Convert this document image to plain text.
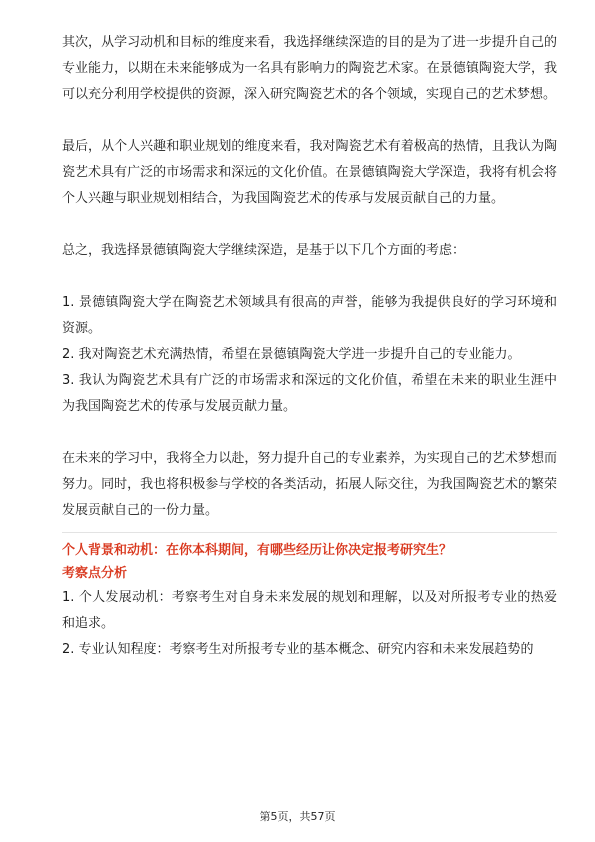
其次，从学习动机和目标的维度来看，我选择继续深造的目的是为了进一步提升自己的专业能力，以期在未来能够成为一名具有影响力的陶瓷艺术家。在景德镇陶瓷大学，我可以充分利用学校提供的资源，深入研究陶瓷艺术的各个领域，实现自己的艺术梦想。

最后，从个人兴趣和职业规划的维度来看，我对陶瓷艺术有着极高的热情，且我认为陶瓷艺术具有广泛的市场需求和深远的文化价值。在景德镇陶瓷大学深造，我将有机会将个人兴趣与职业规划相结合，为我国陶瓷艺术的传承与发展贡献自己的力量。

总之，我选择景德镇陶瓷大学继续深造，是基于以下几个方面的考虑：

1. 景德镇陶瓷大学在陶瓷艺术领域具有很高的声誉，能够为我提供良好的学习环境和资源。
2. 我对陶瓷艺术充满热情，希望在景德镇陶瓷大学进一步提升自己的专业能力。
3. 我认为陶瓷艺术具有广泛的市场需求和深远的文化价值，希望在未来的职业生涯中为我国陶瓷艺术的传承与发展贡献力量。

在未来的学习中，我将全力以赴，努力提升自己的专业素养，为实现自己的艺术梦想而努力。同时，我也将积极参与学校的各类活动，拓展人际交往，为我国陶瓷艺术的繁荣发展贡献自己的一份力量。

个人背景和动机：在你本科期间，有哪些经历让你决定报考研究生？

考察点分析

1. 个人发展动机：考察考生对自身未来发展的规划和理解，以及对所报考专业的热爱和追求。
2. 专业认知程度：考察考生对所报考专业的基本概念、研究内容和未来发展趋势的
第5页，共57页
